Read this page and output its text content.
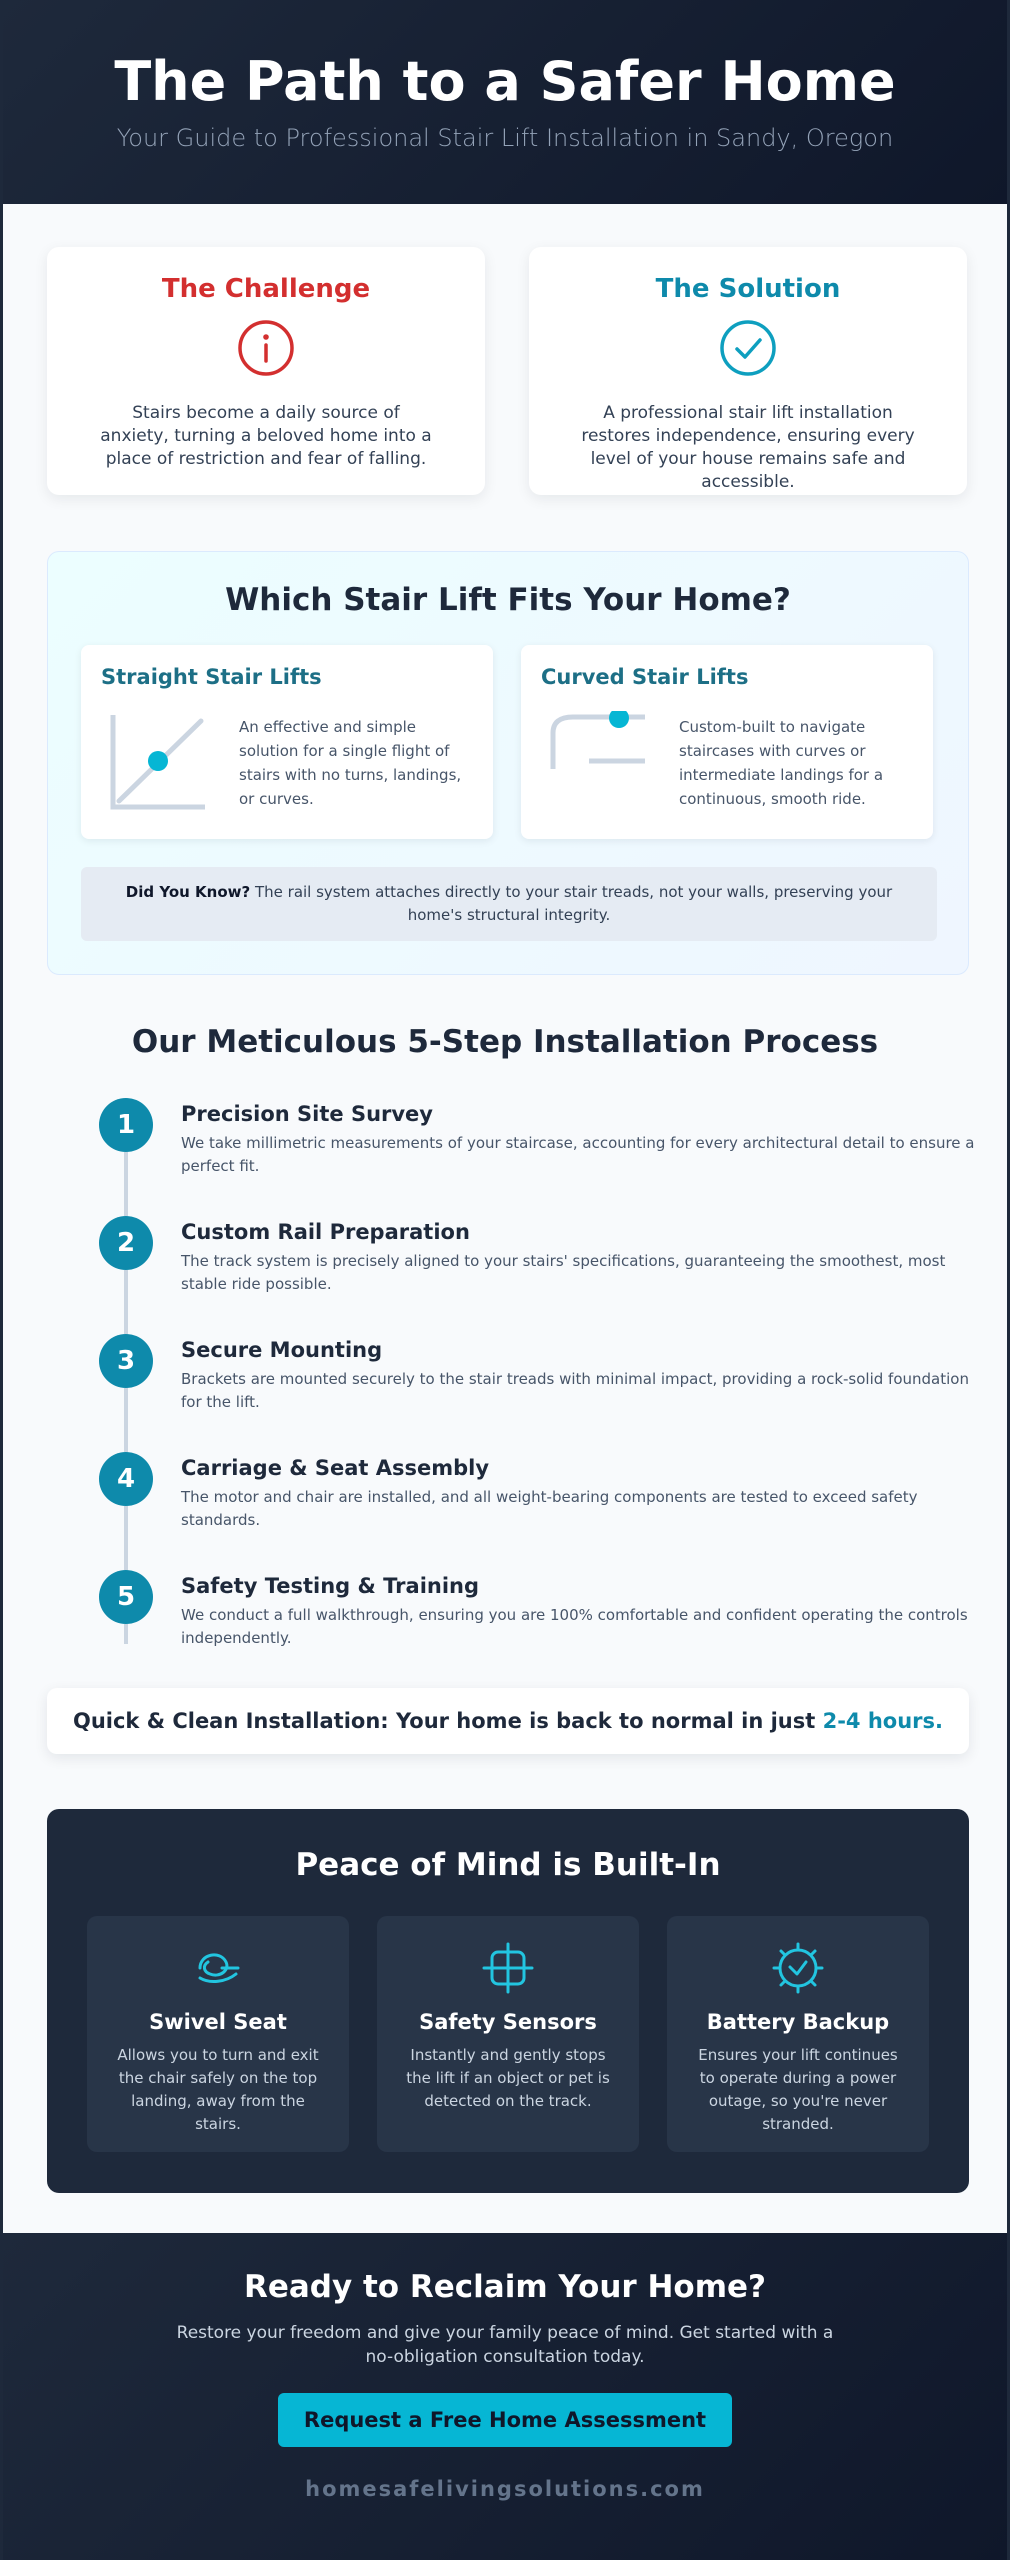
The Path to a Safer Home

Your Guide to Professional Stair Lift Installation in Sandy, Oregon

The Challenge

Stairs become a daily source of anxiety, turning a beloved home into a place of restriction and fear of falling.

The Solution

A professional stair lift installation restores independence, ensuring every level of your house remains safe and accessible.

Which Stair Lift Fits Your Home?
Straight Stair Lifts

An effective and simple solution for a single flight of stairs with no turns, landings, or curves.

Curved Stair Lifts

Custom-built to navigate staircases with curves or intermediate landings for a continuous, smooth ride.

Did You Know? The rail system attaches directly to your stair treads, not your walls, preserving your home's structural integrity.
Our Meticulous 5-Step Installation Process
1	Precision Site Survey

We take millimetric measurements of your staircase, accounting for every architectural detail to ensure a perfect fit.

2	Custom Rail Preparation

The track system is precisely aligned to your stairs' specifications, guaranteeing the smoothest, most stable ride possible.

3	Secure Mounting

Brackets are mounted securely to the stair treads with minimal impact, providing a rock-solid foundation for the lift.

4	Carriage & Seat Assembly

The motor and chair are installed, and all weight-bearing components are tested to exceed safety standards.

5	Safety Testing & Training

We conduct a full walkthrough, ensuring you are 100% comfortable and confident operating the controls independently.

Quick & Clean Installation: Your home is back to normal in just 2-4 hours.
Peace of Mind is Built-In
Swivel Seat

Allows you to turn and exit the chair safely on the top landing, away from the stairs.

Safety Sensors

Instantly and gently stops the lift if an object or pet is detected on the track.

Battery Backup

Ensures your lift continues to operate during a power outage, so you're never stranded.

Ready to Reclaim Your Home?

Restore your freedom and give your family peace of mind. Get started with a no-obligation consultation today.

Request a Free Home Assessment
homesafelivingsolutions.com
